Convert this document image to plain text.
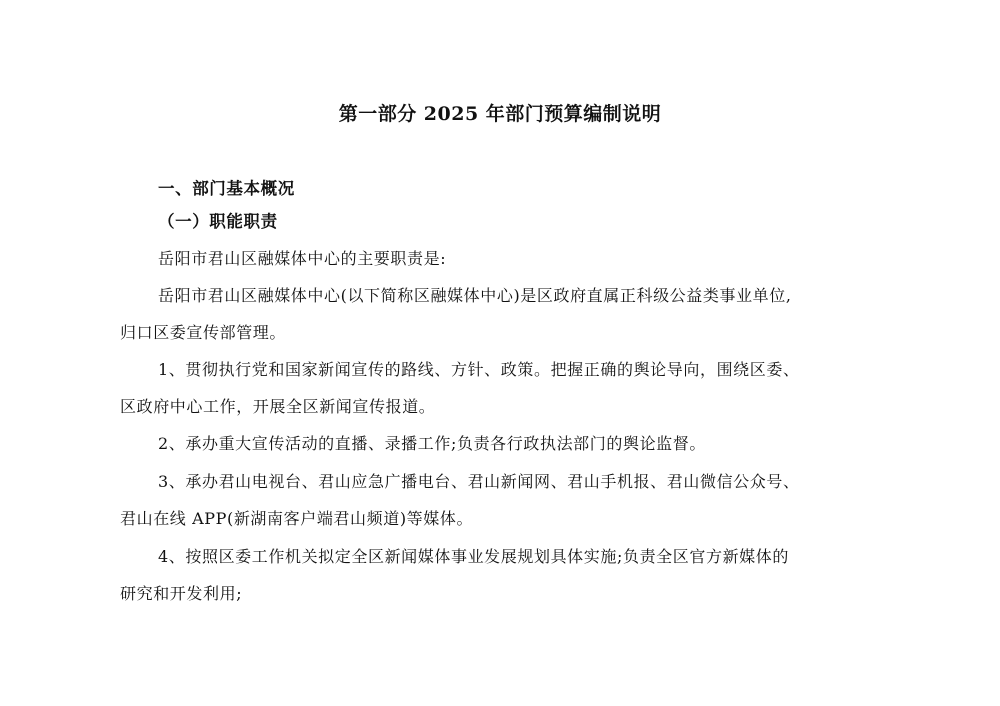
第一部分 2025 年部门预算编制说明
一、部门基本概况
（一）职能职责
岳阳市君山区融媒体中心的主要职责是:
岳阳市君山区融媒体中心(以下简称区融媒体中心)是区政府直属正科级公益类事业单位,
归口区委宣传部管理。
1、贯彻执行党和国家新闻宣传的路线、方针、政策。把握正确的舆论导向，围绕区委、
区政府中心工作，开展全区新闻宣传报道。
2、承办重大宣传活动的直播、录播工作;负责各行政执法部门的舆论监督。
3、承办君山电视台、君山应急广播电台、君山新闻网、君山手机报、君山微信公众号、
君山在线 APP(新湖南客户端君山频道)等媒体。
4、按照区委工作机关拟定全区新闻媒体事业发展规划具体实施;负责全区官方新媒体的
研究和开发利用;
